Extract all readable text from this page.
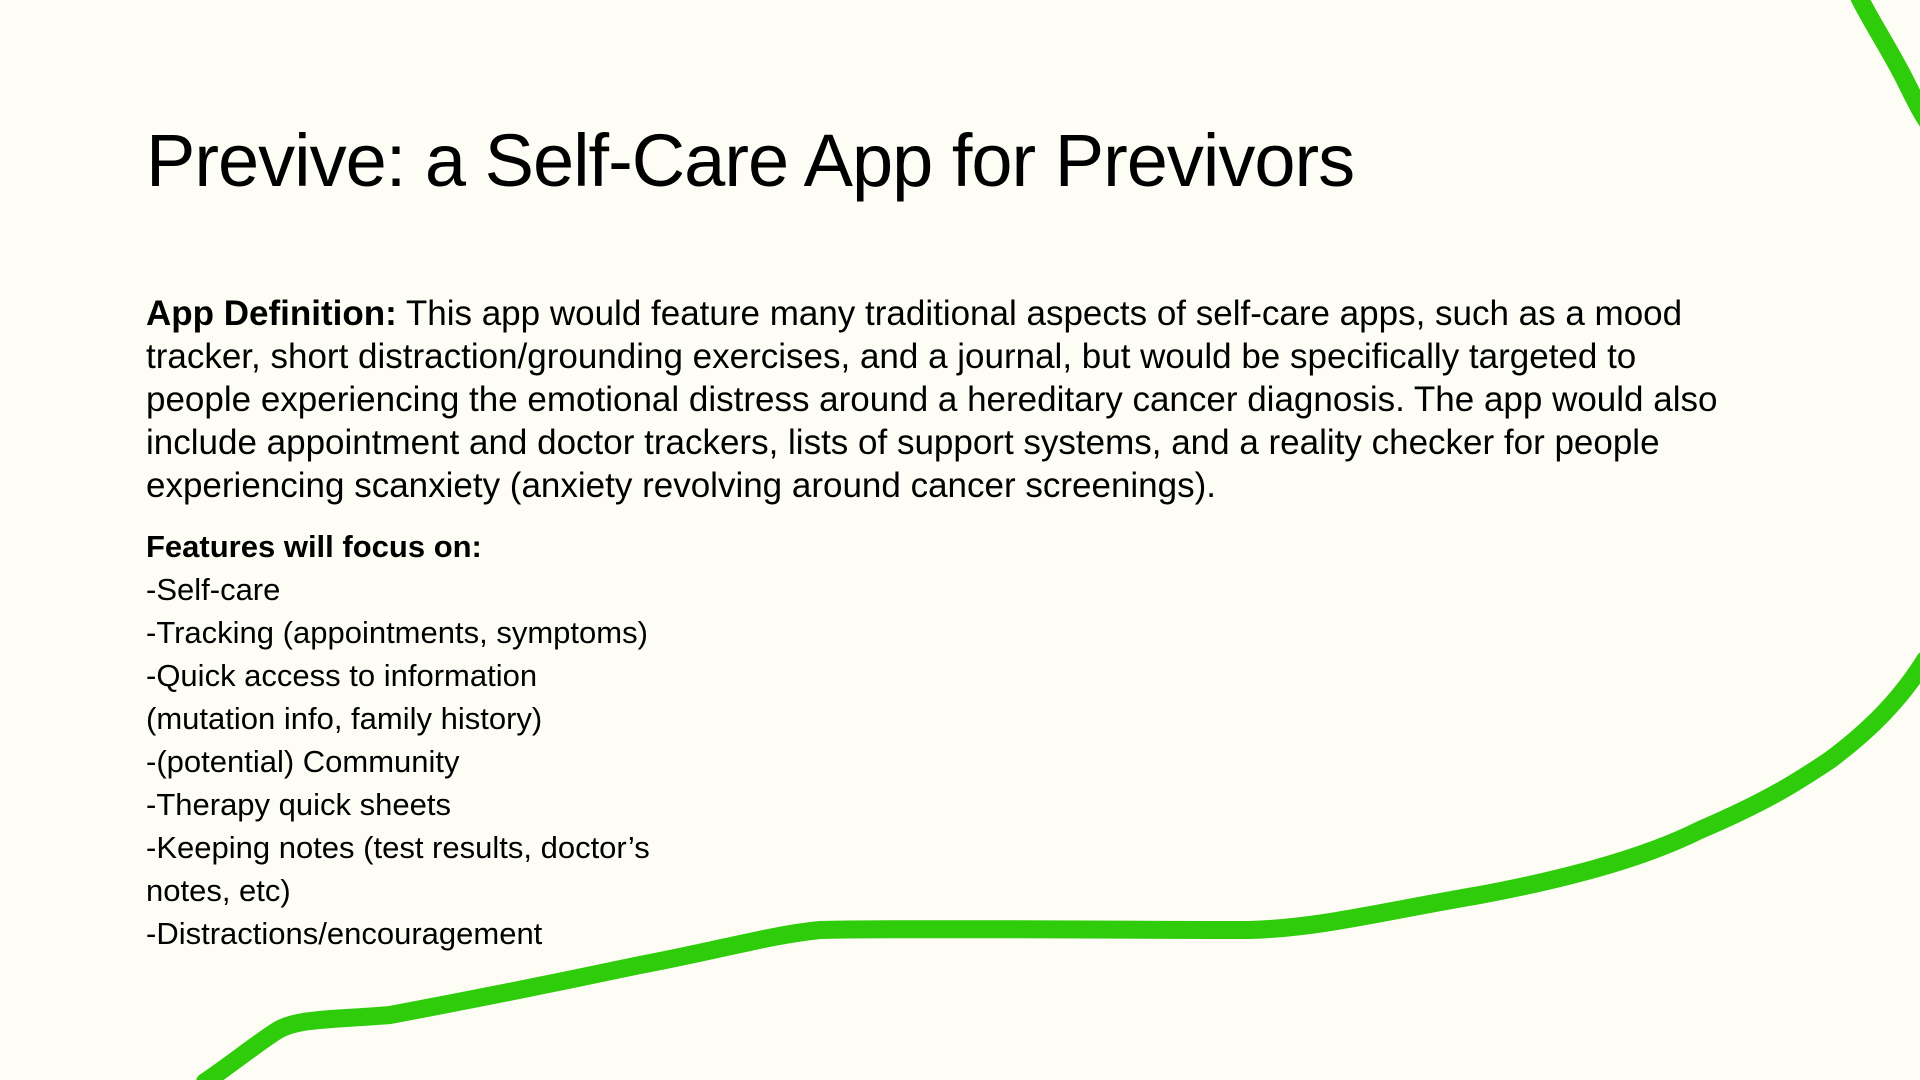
Previve: a Self-Care App for Previvors

App Definition: This app would feature many traditional aspects of self-care apps, such as a mood tracker, short distraction/grounding exercises, and a journal, but would be specifically targeted to people experiencing the emotional distress around a hereditary cancer diagnosis. The app would also include appointment and doctor trackers, lists of support systems, and a reality checker for people experiencing scanxiety (anxiety revolving around cancer screenings).

Features will focus on:

-Self-care
-Tracking (appointments, symptoms)
-Quick access to information
(mutation info, family history)
-(potential) Community
-Therapy quick sheets
-Keeping notes (test results, doctor’s
notes, etc)
-Distractions/encouragement
